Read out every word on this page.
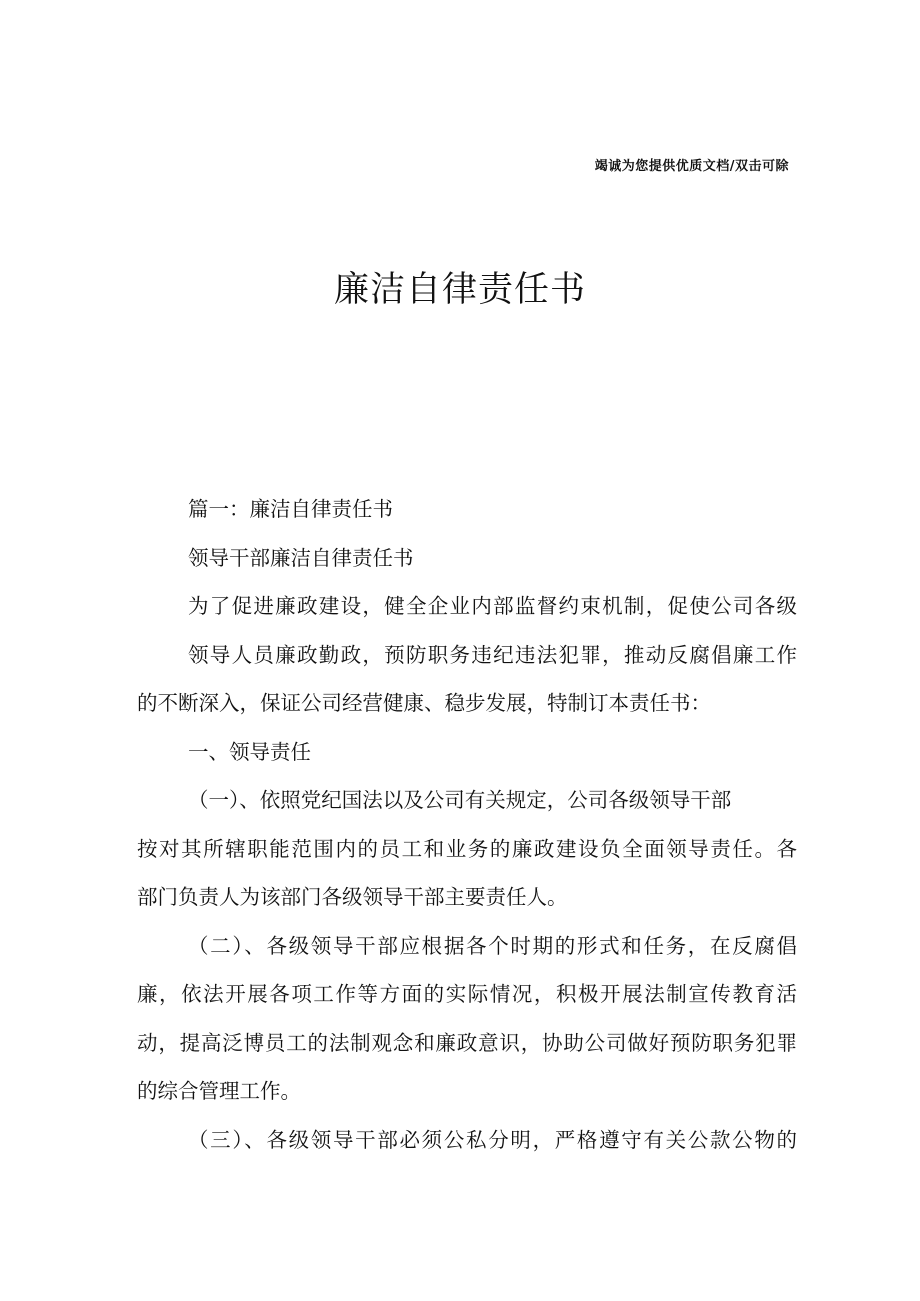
竭诚为您提供优质文档/双击可除
廉洁自律责任书
篇一：廉洁自律责任书
领导干部廉洁自律责任书
为了促进廉政建设，健全企业内部监督约束机制，促使公司各级
领导人员廉政勤政，预防职务违纪违法犯罪，推动反腐倡廉工作
的不断深入，保证公司经营健康、稳步发展，特制订本责任书：
一、领导责任
（一）、依照党纪国法以及公司有关规定，公司各级领导干部
按对其所辖职能范围内的员工和业务的廉政建设负全面领导责任。各
部门负责人为该部门各级领导干部主要责任人。
（二）、各级领导干部应根据各个时期的形式和任务，在反腐倡
廉，依法开展各项工作等方面的实际情况，积极开展法制宣传教育活
动，提高泛博员工的法制观念和廉政意识，协助公司做好预防职务犯罪
的综合管理工作。
（三）、各级领导干部必须公私分明，严格遵守有关公款公物的
